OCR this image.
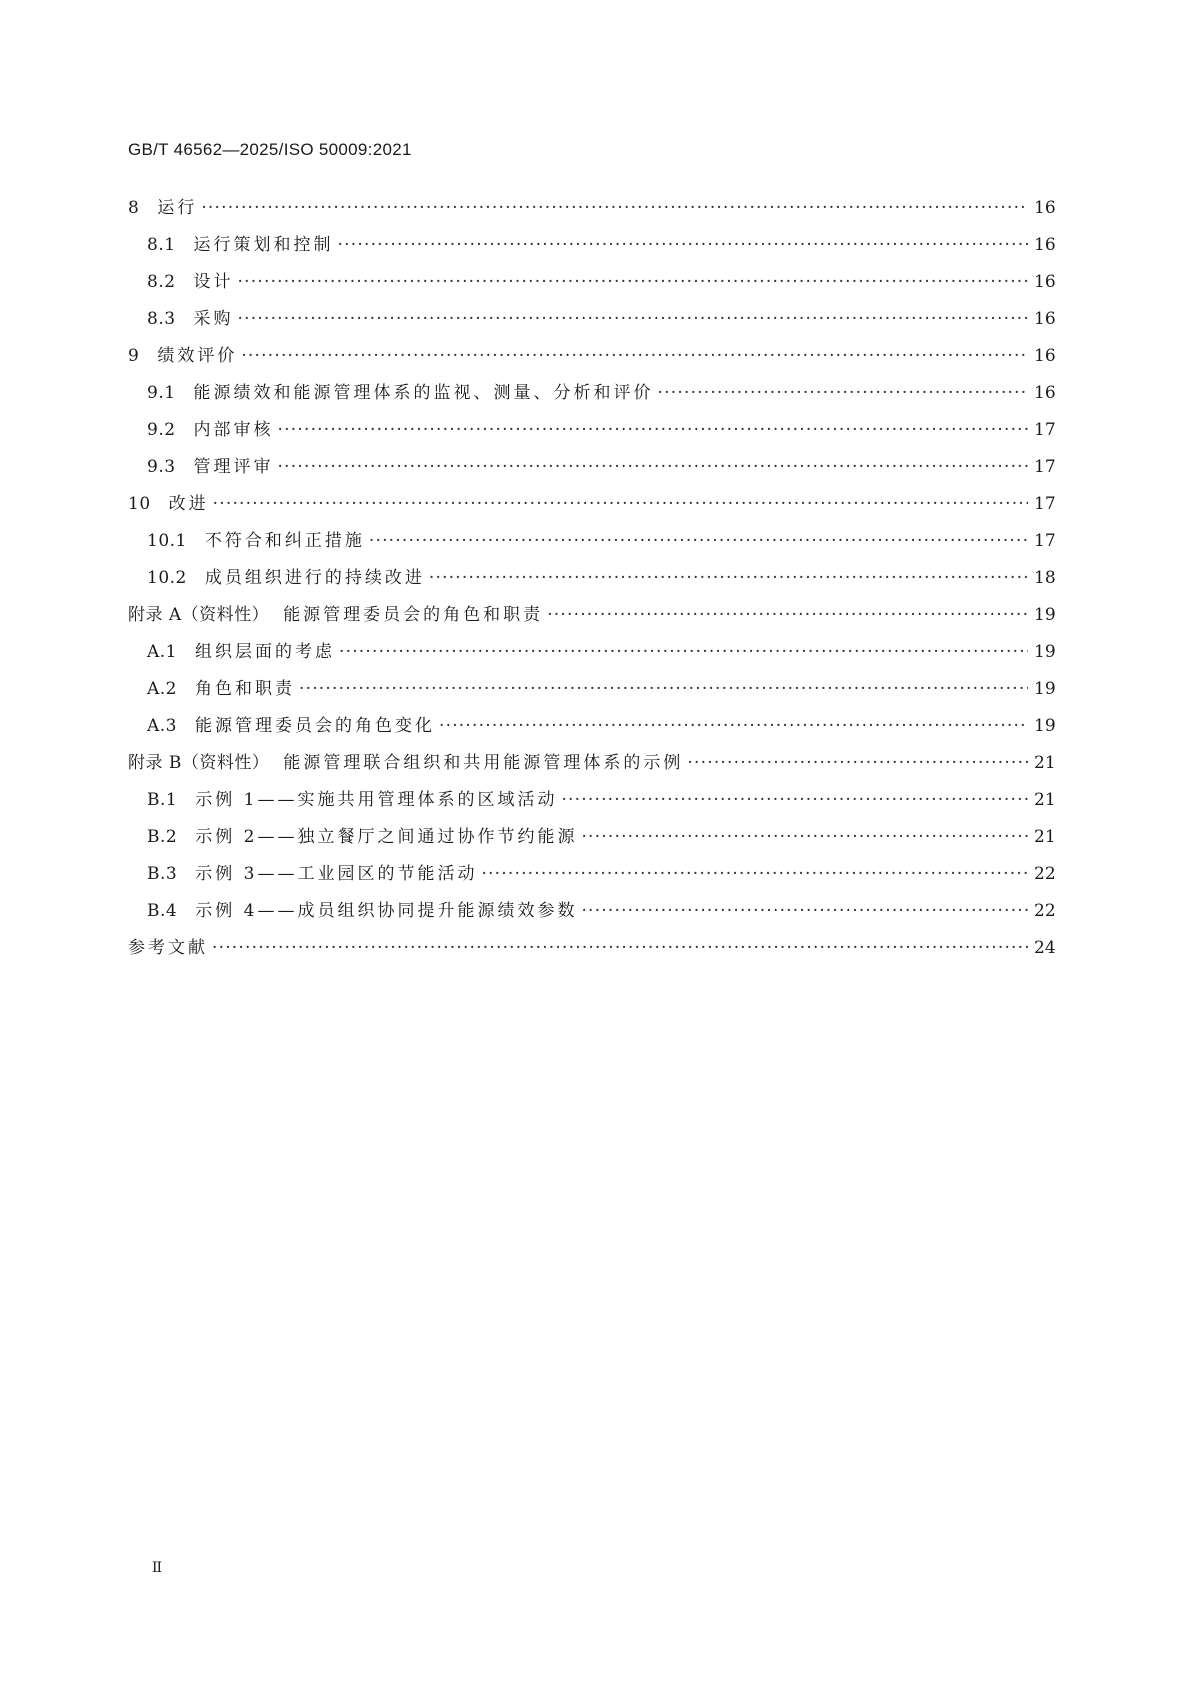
GB/T 46562—2025/ISO 50009:2021
8 运行 ·····	16
8.1 运行策划和控制 ·····	16
8.2 设计 ·····	16
8.3 采购 ·····	16
9 绩效评价 ·····	16
9.1 能源绩效和能源管理体系的监视、测量、分析和评价 ·····	16
9.2 内部审核 ·····	17
9.3 管理评审 ·····	17
10 改进 ·····	17
10.1 不符合和纠正措施 ·····	17
10.2 成员组织进行的持续改进 ·····	18
附录 A（资料性） 能源管理委员会的角色和职责 ·····	19
A.1 组织层面的考虑 ·····	19
A.2 角色和职责 ·····	19
A.3 能源管理委员会的角色变化 ·····	19
附录 B（资料性） 能源管理联合组织和共用能源管理体系的示例 ·····	21
B.1 示例 1——实施共用管理体系的区域活动 ·····	21
B.2 示例 2——独立餐厅之间通过协作节约能源 ·····	21
B.3 示例 3——工业园区的节能活动 ·····	22
B.4 示例 4——成员组织协同提升能源绩效参数 ·····	22
参考文献 ·····	24
II
